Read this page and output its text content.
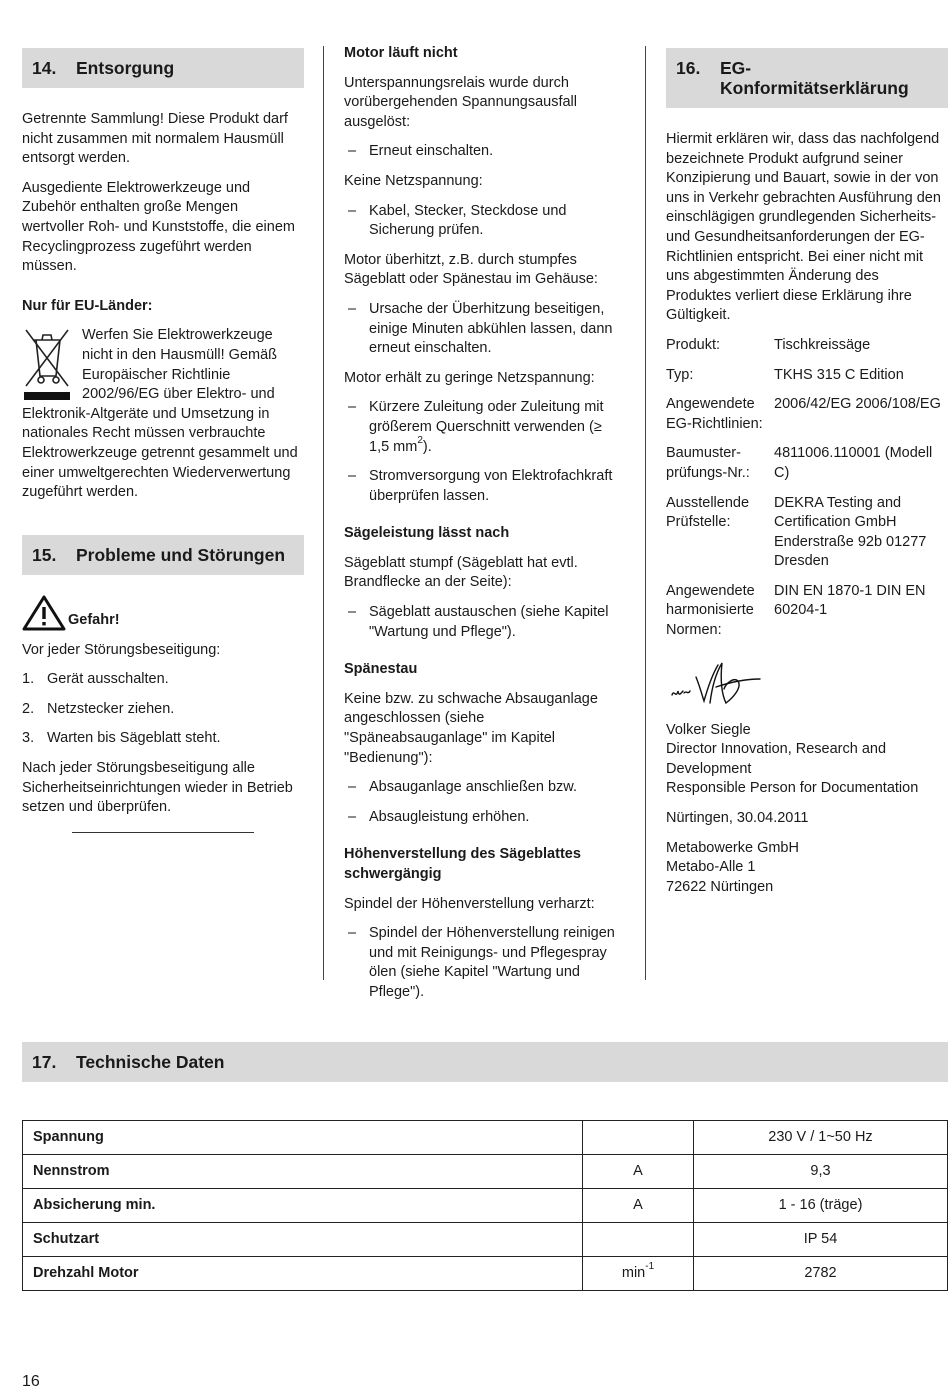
14.	Entsorgung

Getrennte Sammlung! Diese Produkt darf nicht zusammen mit normalem Hausmüll entsorgt werden.

Ausgediente Elektrowerkzeuge und Zubehör enthalten große Mengen wertvoller Roh- und Kunststoffe, die einem Recyclingprozess zugeführt werden müssen.

Nur für EU-Länder:

Werfen Sie Elektrowerkzeuge nicht in den Hausmüll! Gemäß Europäischer Richtlinie 2002/96/EG über Elektro- und Elektronik-Altgeräte und Umsetzung in nationales Recht müssen verbrauchte Elektrowerkzeuge getrennt gesammelt und einer umweltgerechten Wiederverwertung zugeführt werden.

15.	Probleme und Störungen
Gefahr!

Vor jeder Störungsbeseitigung:

1. Gerät ausschalten.
2. Netzstecker ziehen.
3. Warten bis Sägeblatt steht.

Nach jeder Störungsbeseitigung alle Sicherheitseinrichtungen wieder in Betrieb setzen und überprüfen.

Motor läuft nicht

Unterspannungsrelais wurde durch vorübergehenden Spannungsausfall ausgelöst:

– Erneut einschalten.

Keine Netzspannung:

– Kabel, Stecker, Steckdose und Sicherung prüfen.

Motor überhitzt, z.B. durch stumpfes Sägeblatt oder Spänestau im Gehäuse:

– Ursache der Überhitzung beseitigen, einige Minuten abkühlen lassen, dann erneut einschalten.

Motor erhält zu geringe Netzspannung:

– Kürzere Zuleitung oder Zuleitung mit größerem Querschnitt verwenden (≥ 1,5 $mm^2$).
– Stromversorgung von Elektrofachkraft überprüfen lassen.

Sägeleistung lässt nach

Sägeblatt stumpf (Sägeblatt hat evtl. Brandflecke an der Seite):

– Sägeblatt austauschen (siehe Kapitel "Wartung und Pflege").

Spänestau

Keine bzw. zu schwache Absauganlage angeschlossen (siehe "Späneabsauganlage" im Kapitel "Bedienung"):

– Absauganlage anschließen bzw.
– Absaugleistung erhöhen.

Höhenverstellung des Sägeblattes schwergängig

Spindel der Höhenverstellung verharzt:

– Spindel der Höhenverstellung reinigen und mit Reinigungs- und Pflegespray ölen (siehe Kapitel "Wartung und Pflege").
16.	EG-Konformitätserklärung

Hiermit erklären wir, dass das nachfolgend bezeichnete Produkt aufgrund seiner Konzipierung und Bauart, sowie in der von uns in Verkehr gebrachten Ausführung den einschlägigen grundlegenden Sicherheits- und Gesundheitsanforderungen der EG-Richtlinien entspricht. Bei einer nicht mit uns abgestimmten Änderung des Produktes verliert diese Erklärung ihre Gültigkeit.

Produkt:	Tischkreissäge
Typ:	TKHS 315 C Edition
Angewendete EG-Richtlinien:
2006/42/EG 2006/108/EG
Baumuster-prüfungs-Nr.:
4811006.110001 (Modell C)
Ausstellende Prüfstelle:
DEKRA Testing and Certification GmbH Enderstraße 92b 01277 Dresden
Angewendete harmonisierte Normen:
DIN EN 1870-1 DIN EN 60204-1

Volker Siegle

Director Innovation, Research and Development

Responsible Person for Documentation

Nürtingen, 30.04.2011

Metabowerke GmbH

Metabo-Alle 1

72622 Nürtingen

17.	Technische Daten
Spannung		230 V / 1~50 Hz
Nennstrom	A	9,3
Absicherung min.	A	1 - 16 (träge)
Schutzart		IP 54
Drehzahl Motor	$\min^{-1}$	2782
16
